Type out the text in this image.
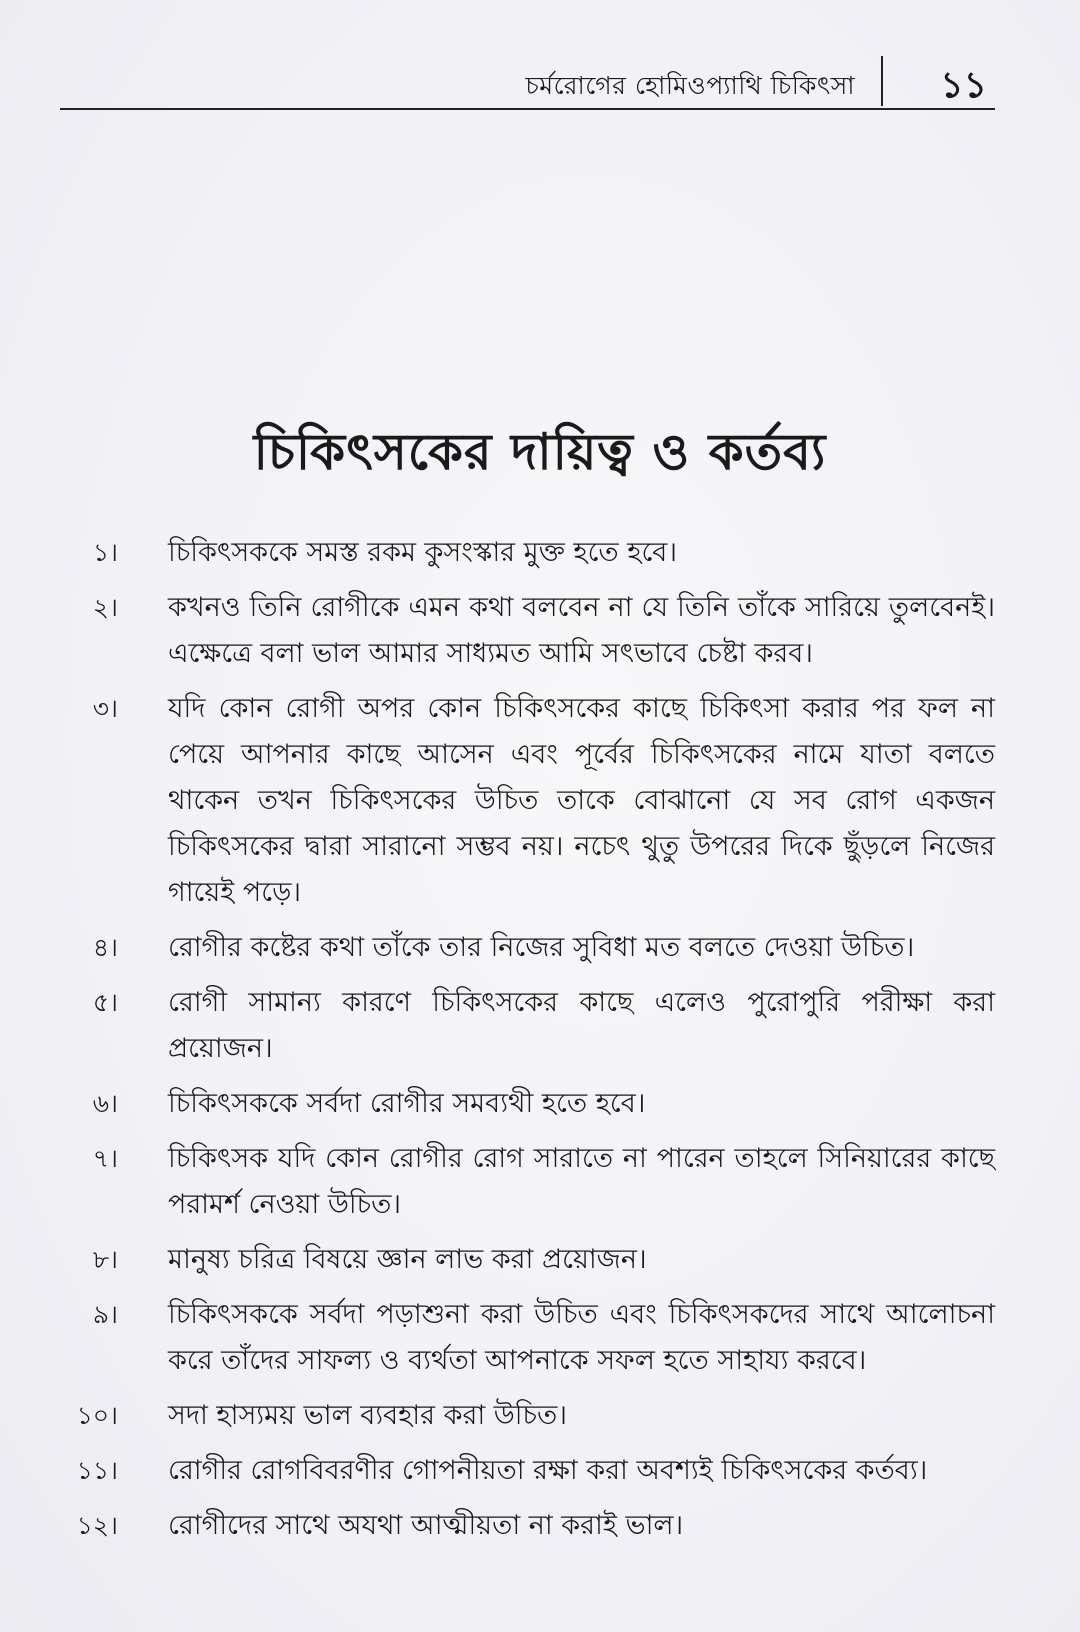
চর্মরোগের হোমিওপ্যাথি চিকিৎসা ১১
চিকিৎসকের দায়িত্ব ও কর্তব্য
১। চিকিৎসককে সমস্ত রকম কুসংস্কার মুক্ত হতে হবে।
২। কখনও তিনি রোগীকে এমন কথা বলবেন না যে তিনি তাঁকে সারিয়ে তুলবেনই। এক্ষেত্রে বলা ভাল আমার সাধ্যমত আমি সৎভাবে চেষ্টা করব।
৩। যদি কোন রোগী অপর কোন চিকিৎসকের কাছে চিকিৎসা করার পর ফল না পেয়ে আপনার কাছে আসেন এবং পূর্বের চিকিৎসকের নামে যাতা বলতে থাকেন তখন চিকিৎসকের উচিত তাকে বোঝানো যে সব রোগ একজন চিকিৎসকের দ্বারা সারানো সম্ভব নয়। নচেৎ থুতু উপরের দিকে ছুঁড়লে নিজের গায়েই পড়ে।
৪। রোগীর কষ্টের কথা তাঁকে তার নিজের সুবিধা মত বলতে দেওয়া উচিত।
৫। রোগী সামান্য কারণে চিকিৎসকের কাছে এলেও পুরোপুরি পরীক্ষা করা প্রয়োজন।
৬। চিকিৎসককে সর্বদা রোগীর সমব্যথী হতে হবে।
৭। চিকিৎসক যদি কোন রোগীর রোগ সারাতে না পারেন তাহলে সিনিয়ারের কাছে পরামর্শ নেওয়া উচিত।
৮। মানুষ্য চরিত্র বিষয়ে জ্ঞান লাভ করা প্রয়োজন।
৯। চিকিৎসককে সর্বদা পড়াশুনা করা উচিত এবং চিকিৎসকদের সাথে আলোচনা করে তাঁদের সাফল্য ও ব্যর্থতা আপনাকে সফল হতে সাহায্য করবে।
১০। সদা হাস্যময় ভাল ব্যবহার করা উচিত।
১১। রোগীর রোগবিবরণীর গোপনীয়তা রক্ষা করা অবশ্যই চিকিৎসকের কর্তব্য।
১২। রোগীদের সাথে অযথা আত্মীয়তা না করাই ভাল।
